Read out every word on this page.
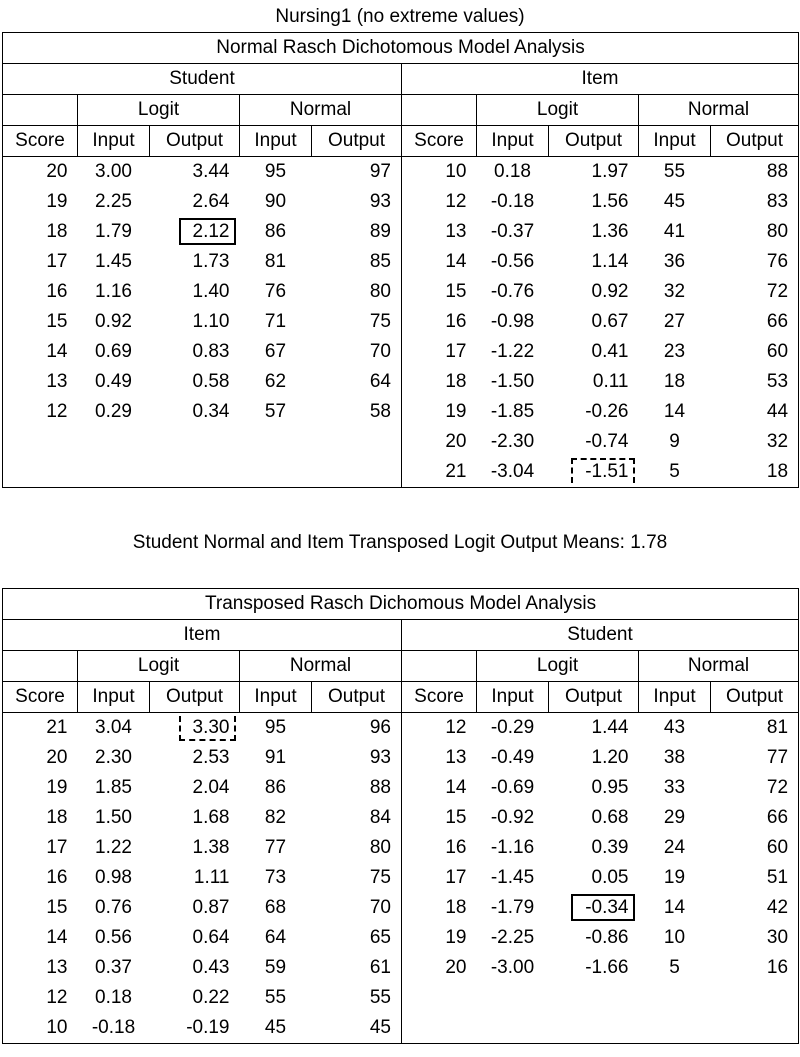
Nursing1 (no extreme values)
Normal Rasch Dichotomous Model Analysis									
Student					Item				
	Logit		Normal			Logit		Normal	
Score	Input	Output	Input	Output	Score	Input	Output	Input	Output
20	3.00	3.44	95	97	10	0.18	1.97	55	88
19	2.25	2.64	90	93	12	-0.18	1.56	45	83
18	1.79	2.12	86	89	13	-0.37	1.36	41	80
17	1.45	1.73	81	85	14	-0.56	1.14	36	76
16	1.16	1.40	76	80	15	-0.76	0.92	32	72
15	0.92	1.10	71	75	16	-0.98	0.67	27	66
14	0.69	0.83	67	70	17	-1.22	0.41	23	60
13	0.49	0.58	62	64	18	-1.50	0.11	18	53
12	0.29	0.34	57	58	19	-1.85	-0.26	14	44
					20	-2.30	-0.74	9	32
					21	-3.04	-1.51	5	18
Student Normal and Item Transposed Logit Output Means: 1.78
Transposed Rasch Dichomous Model Analysis									
Item					Student				
	Logit		Normal			Logit		Normal	
Score	Input	Output	Input	Output	Score	Input	Output	Input	Output
21	3.04	3.30	95	96	12	-0.29	1.44	43	81
20	2.30	2.53	91	93	13	-0.49	1.20	38	77
19	1.85	2.04	86	88	14	-0.69	0.95	33	72
18	1.50	1.68	82	84	15	-0.92	0.68	29	66
17	1.22	1.38	77	80	16	-1.16	0.39	24	60
16	0.98	1.11	73	75	17	-1.45	0.05	19	51
15	0.76	0.87	68	70	18	-1.79	-0.34	14	42
14	0.56	0.64	64	65	19	-2.25	-0.86	10	30
13	0.37	0.43	59	61	20	-3.00	-1.66	5	16
12	0.18	0.22	55	55					
10	-0.18	-0.19	45	45					
